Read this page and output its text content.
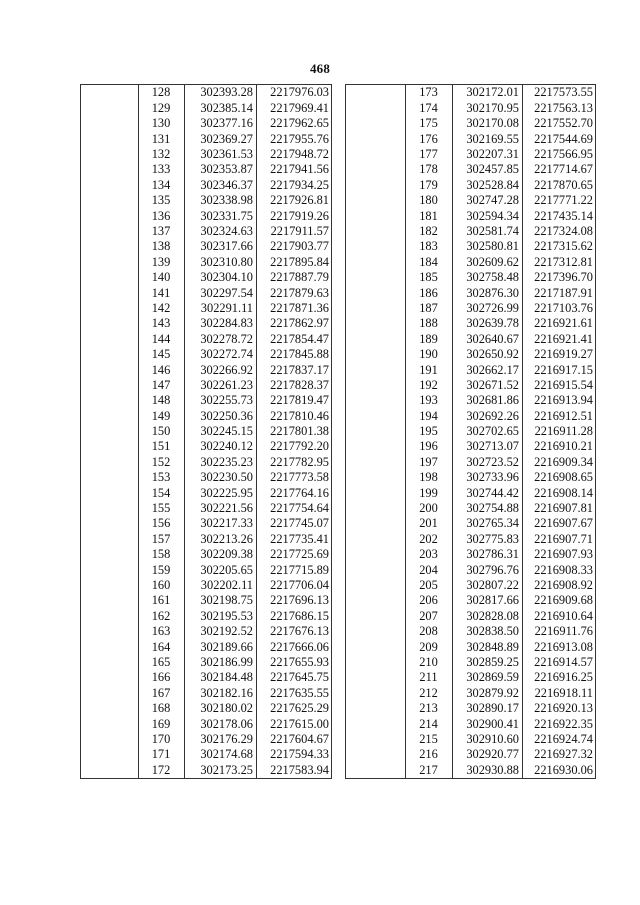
468
	128	302393.28	2217976.03
	129	302385.14	2217969.41
	130	302377.16	2217962.65
	131	302369.27	2217955.76
	132	302361.53	2217948.72
	133	302353.87	2217941.56
	134	302346.37	2217934.25
	135	302338.98	2217926.81
	136	302331.75	2217919.26
	137	302324.63	2217911.57
	138	302317.66	2217903.77
	139	302310.80	2217895.84
	140	302304.10	2217887.79
	141	302297.54	2217879.63
	142	302291.11	2217871.36
	143	302284.83	2217862.97
	144	302278.72	2217854.47
	145	302272.74	2217845.88
	146	302266.92	2217837.17
	147	302261.23	2217828.37
	148	302255.73	2217819.47
	149	302250.36	2217810.46
	150	302245.15	2217801.38
	151	302240.12	2217792.20
	152	302235.23	2217782.95
	153	302230.50	2217773.58
	154	302225.95	2217764.16
	155	302221.56	2217754.64
	156	302217.33	2217745.07
	157	302213.26	2217735.41
	158	302209.38	2217725.69
	159	302205.65	2217715.89
	160	302202.11	2217706.04
	161	302198.75	2217696.13
	162	302195.53	2217686.15
	163	302192.52	2217676.13
	164	302189.66	2217666.06
	165	302186.99	2217655.93
	166	302184.48	2217645.75
	167	302182.16	2217635.55
	168	302180.02	2217625.29
	169	302178.06	2217615.00
	170	302176.29	2217604.67
	171	302174.68	2217594.33
	172	302173.25	2217583.94
	173	302172.01	2217573.55
	174	302170.95	2217563.13
	175	302170.08	2217552.70
	176	302169.55	2217544.69
	177	302207.31	2217566.95
	178	302457.85	2217714.67
	179	302528.84	2217870.65
	180	302747.28	2217771.22
	181	302594.34	2217435.14
	182	302581.74	2217324.08
	183	302580.81	2217315.62
	184	302609.62	2217312.81
	185	302758.48	2217396.70
	186	302876.30	2217187.91
	187	302726.99	2217103.76
	188	302639.78	2216921.61
	189	302640.67	2216921.41
	190	302650.92	2216919.27
	191	302662.17	2216917.15
	192	302671.52	2216915.54
	193	302681.86	2216913.94
	194	302692.26	2216912.51
	195	302702.65	2216911.28
	196	302713.07	2216910.21
	197	302723.52	2216909.34
	198	302733.96	2216908.65
	199	302744.42	2216908.14
	200	302754.88	2216907.81
	201	302765.34	2216907.67
	202	302775.83	2216907.71
	203	302786.31	2216907.93
	204	302796.76	2216908.33
	205	302807.22	2216908.92
	206	302817.66	2216909.68
	207	302828.08	2216910.64
	208	302838.50	2216911.76
	209	302848.89	2216913.08
	210	302859.25	2216914.57
	211	302869.59	2216916.25
	212	302879.92	2216918.11
	213	302890.17	2216920.13
	214	302900.41	2216922.35
	215	302910.60	2216924.74
	216	302920.77	2216927.32
	217	302930.88	2216930.06
